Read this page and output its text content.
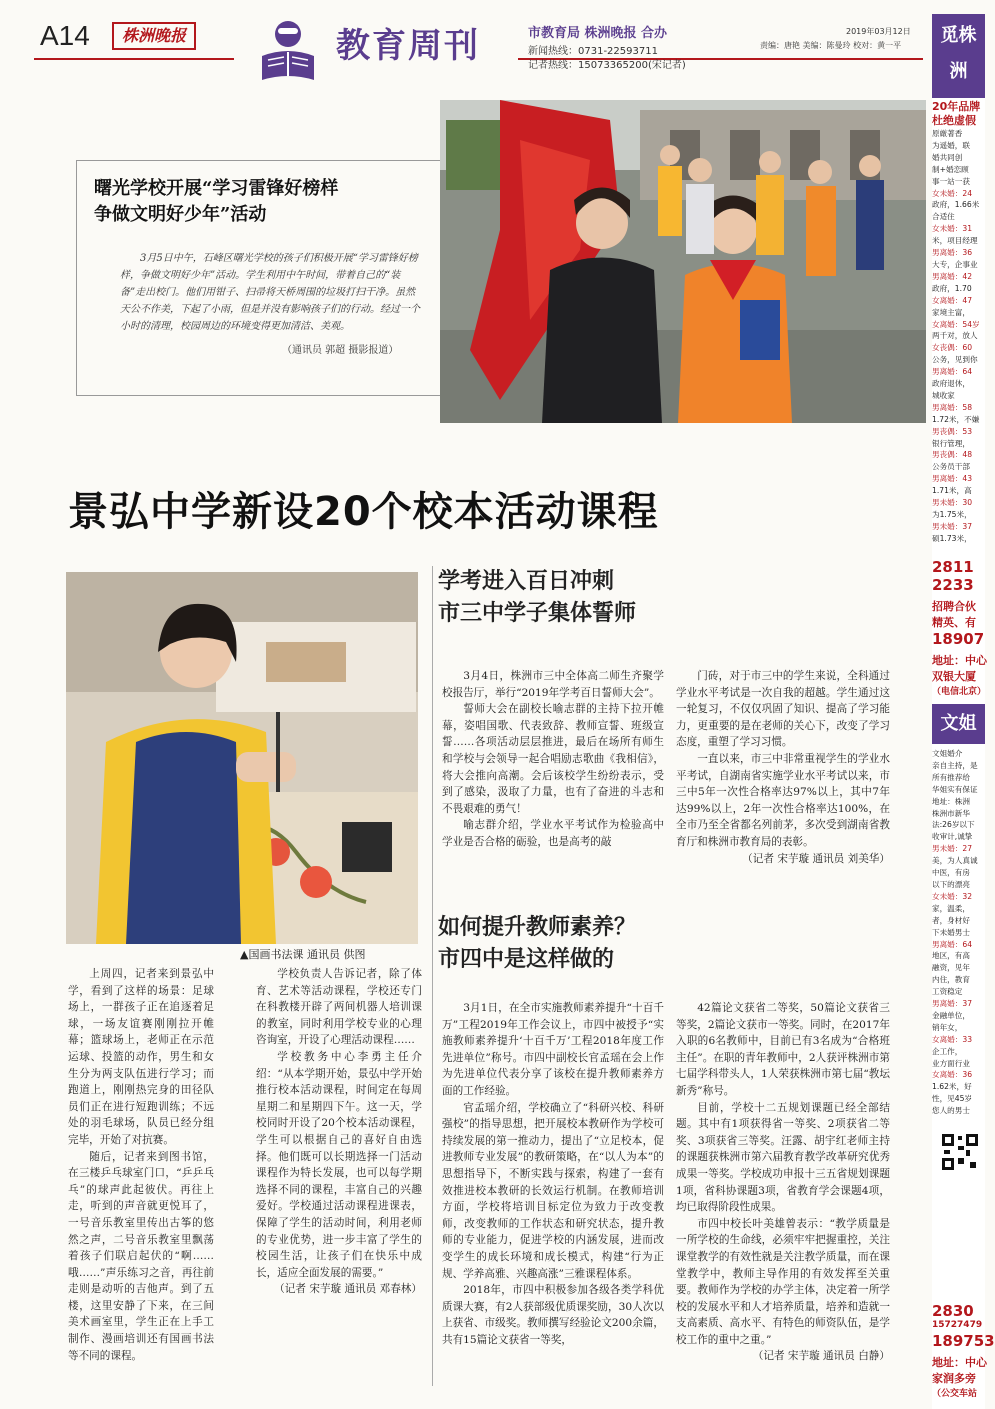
A14	株洲晚报	教育周刊	市教育局 株洲晚报 合办
新闻热线：0731-22593711
记者热线：15073365200(宋记者)
2019年03月12日
责编：唐艳 美编：陈曼玲 校对：黄一平
曙光学校开展“学习雷锋好榜样
争做文明好少年”活动
3月5日中午，石峰区曙光学校的孩子们积极开展“学习雷锋好榜样，争做文明好少年”活动。学生利用中午时间，带着自己的“装备”走出校门。他们用钳子、扫帚将天桥周围的垃圾打扫干净。虽然天公不作美，下起了小雨，但是并没有影响孩子们的行动。经过一个小时的清理，校园周边的环境变得更加清洁、美观。
（通讯员 郭超 摄影报道）
景弘中学新设20个校本活动课程
▲国画书法课 通讯员 供图

上周四，记者来到景弘中学，看到了这样的场景：足球场上，一群孩子正在追逐着足球，一场友谊赛刚刚拉开帷幕；篮球场上，老师正在示范运球、投篮的动作，男生和女生分为两支队伍进行学习；而跑道上，刚刚热完身的田径队员们正在进行短跑训练；不远处的羽毛球场，队员已经分组完毕，开始了对抗赛。

随后，记者来到图书馆，在三楼乒乓球室门口，“乒乒乓乓”的球声此起彼伏。再往上走，听到的声音就更悦耳了，一号音乐教室里传出古筝的悠然之声，二号音乐教室里飘荡着孩子们联启起伏的“啊……哦……”声乐练习之音，再往前走则是动听的吉他声。到了五楼，这里安静了下来，在三间美术画室里，学生正在上手工制作、漫画培训还有国画书法等不同的课程。

学校负责人告诉记者，除了体育、艺术等活动课程，学校还专门在科教楼开辟了两间机器人培训课的教室，同时利用学校专业的心理咨询室，开设了心理活动课程……

学校教务中心李勇主任介绍：“从本学期开始，景弘中学开始推行校本活动课程，时间定在每周星期二和星期四下午。这一天，学校同时开设了20个校本活动课程，学生可以根据自己的喜好自由选择。他们既可以长期选择一门活动课程作为特长发展，也可以每学期选择不同的课程，丰富自己的兴趣爱好。学校通过活动课程进课表，保障了学生的活动时间，利用老师的专业优势，进一步丰富了学生的校园生活，让孩子们在快乐中成长，适应全面发展的需要。”

（记者 宋芋璇 通讯员 邓春林）
学考进入百日冲刺
市三中学子集体誓师

3月4日，株洲市三中全体高二师生齐聚学校报告厅，举行“2019年学考百日誓师大会”。

誓师大会在副校长喻志群的主持下拉开帷幕，姿唱国歌、代表致辞、教师宣誓、班级宣誓……各项活动层层推进，最后在场所有师生和学校与会领导一起合唱励志歌曲《我相信》，将大会推向高潮。会后该校学生纷纷表示，受到了感染，汲取了力量，也有了奋进的斗志和不畏艰难的勇气！

喻志群介绍，学业水平考试作为检验高中学业是否合格的砺验，也是高考的敲

门砖，对于市三中的学生来说，全科通过学业水平考试是一次自我的超越。学生通过这一轮复习，不仅仅巩固了知识、提高了学习能力，更重要的是在老师的关心下，改变了学习态度，重塑了学习习惯。

一直以来，市三中非常重视学生的学业水平考试，自湖南省实施学业水平考试以来，市三中5年一次性合格率达97%以上，其中7年达99%以上，2年一次性合格率达100%，在全市乃至全省都名列前茅，多次受到湖南省教育厅和株洲市教育局的表彰。

（记者 宋芋璇 通讯员 刘美华）
如何提升教师素养？
市四中是这样做的

3月1日，在全市实施教师素养提升“十百千万”工程2019年工作会议上，市四中被授予“实施教师素养提升‘十百千万’工程2018年度工作先进单位”称号。市四中副校长官孟瑶在会上作为先进单位代表分享了该校在提升教师素养方面的工作经验。

官孟瑶介绍，学校确立了“科研兴校、科研强校”的指导思想，把开展校本教研作为学校可持续发展的第一推动力，提出了“立足校本，促进教师专业发展”的教研策略，在“以人为本”的思想指导下，不断实践与探索，构建了一套有效推进校本教研的长效运行机制。在教师培训方面，学校将培训目标定位为致力于改变教师，改变教师的工作状态和研究状态，提升教师的专业能力，促进学校的内涵发展，进而改变学生的成长环境和成长模式，构建“行为正规、学养高雅、兴趣高涨”三雅课程体系。

2018年，市四中积极参加各级各类学科优质课大赛，有2人获部级优质课奖励，30人次以上获省、市级奖。教师撰写经验论文200余篇，共有15篇论文获省一等奖，

42篇论文获省二等奖，50篇论文获省三等奖，2篇论文获市一等奖。同时，在2017年入职的6名教师中，目前已有3名成为“合格班主任”。在职的青年教师中，2人获评株洲市第七届学科带头人，1人荣获株洲市第七届“教坛新秀”称号。

目前，学校十二五规划课题已经全部结题。其中有1项获得省一等奖、2项获省二等奖、3项获省三等奖。汪露、胡宇红老师主持的课题获株洲市第六届教育教学改革研究优秀成果一等奖。学校成功申报十三五省规划课题1项，省科协课题3项，省教育学会课题4项，均已取得阶段性成果。

市四中校长叶美雄曾表示：“教学质量是一所学校的生命线，必须牢牢把握重控，关注课堂教学的有效性就是关注教学质量，而在课堂教学中，教师主导作用的有效发挥至关重要。教师作为学校的办学主体，决定着一所学校的发展水平和人才培养质量，培养和造就一支高素质、高水平、有特色的师资队伍，是学校工作的重中之重。”

（记者 宋芋璇 通讯员 白静）
觅株洲
20年品牌
杜绝虚假
原厳著香
为遥婚，联
婚共同创
制+婚恋顾
事一站一获
女未婚：24
政府，1.66米
合适住
女未婚：31
米，项目经理
男离婚：36
大专，企事业
男离婚：42
政府，1.70
女离婚：47
家境主富，
女离婚：54岁
两千对，放人
女丧偶：60
公务，见到你
男离婚：64
政府退休，
城收家
男离婚：58
1.72米，不嫌
男丧偶：53
银行管理，
男丧偶：48
公务员干部
男离婚：43
1.71米，高
男未婚：30
为1.75米，
男未婚：37
硕1.73米，
2811
2233
招聘合伙
精英、有
18907
地址：中心
双银大厦
（电信北京）
文姐
文姐婚介
亲自主持，是
所有推荐给
华姐实有保证
地址：株洲
株洲市新华
法:26岁以下
收审计,诚挚
男未婚：27
美，为人真诚
中医，有房
以下的漂亮
女未婚：32
家，温柔，
者，身材好
下未婚男士
男离婚：64
地区，有高
融资，见年
内住，教育
工资稳定
男离婚：37
金融单位，
销年女，
女离婚：33
企工作，
业方面行业
女离婚：36
1.62米，好
性，见45岁
您人的男士
2830
15727479
189753
地址：中心
家润多旁
（公交车站
